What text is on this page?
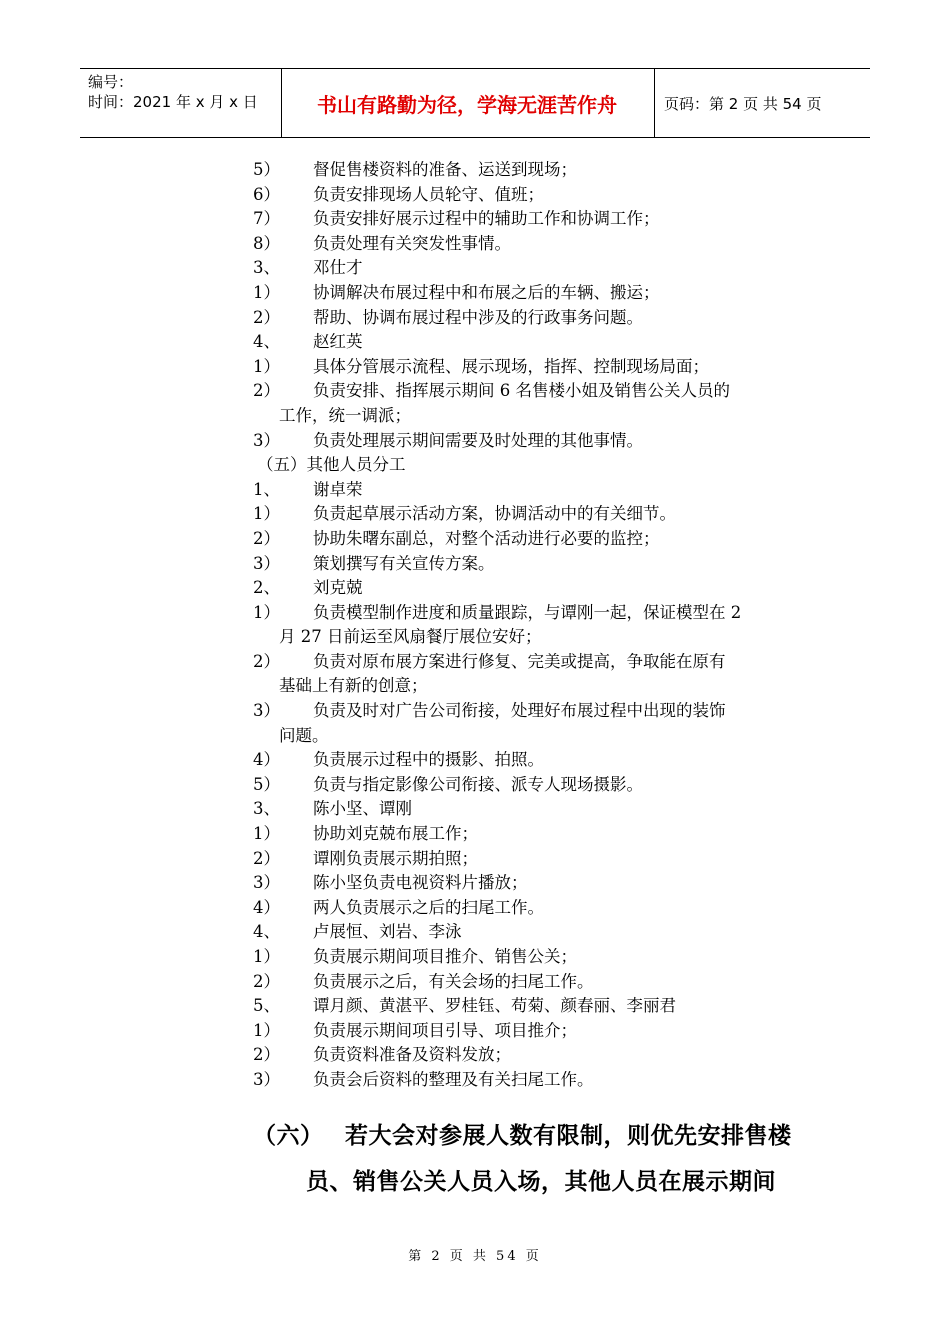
编号：
时间：2021 年 x 月 x 日	书山有路勤为径，学海无涯苦作舟	页码：第 2 页 共 54 页
5） 督促售楼资料的准备、运送到现场；
6） 负责安排现场人员轮守、值班；
7） 负责安排好展示过程中的辅助工作和协调工作；
8） 负责处理有关突发性事情。
3、 邓仕才
1） 协调解决布展过程中和布展之后的车辆、搬运；
2） 帮助、协调布展过程中涉及的行政事务问题。
4、 赵红英
1） 具体分管展示流程、展示现场，指挥、控制现场局面；
2） 负责安排、指挥展示期间 6 名售楼小姐及销售公关人员的
工作，统一调派；
3） 负责处理展示期间需要及时处理的其他事情。
（五）其他人员分工
1、 谢卓荣
1） 负责起草展示活动方案，协调活动中的有关细节。
2） 协助朱曙东副总，对整个活动进行必要的监控；
3） 策划撰写有关宣传方案。
2、 刘克兢
1） 负责模型制作进度和质量跟踪，与谭刚一起，保证模型在 2
月 27 日前运至风扇餐厅展位安好；
2） 负责对原布展方案进行修复、完美或提高，争取能在原有
基础上有新的创意；
3） 负责及时对广告公司衔接，处理好布展过程中出现的装饰
问题。
4） 负责展示过程中的摄影、拍照。
5） 负责与指定影像公司衔接、派专人现场摄影。
3、 陈小坚、谭刚
1） 协助刘克兢布展工作；
2） 谭刚负责展示期拍照；
3） 陈小坚负责电视资料片播放；
4） 两人负责展示之后的扫尾工作。
4、 卢展恒、刘岩、李泳
1） 负责展示期间项目推介、销售公关；
2） 负责展示之后，有关会场的扫尾工作。
5、 谭月颜、黄湛平、罗桂钰、苟菊、颜春丽、李丽君
1） 负责展示期间项目引导、项目推介；
2） 负责资料准备及资料发放；
3） 负责会后资料的整理及有关扫尾工作。
（六） 若大会对参展人数有限制，则优先安排售楼
员、销售公关人员入场，其他人员在展示期间
第 2 页 共 54 页
